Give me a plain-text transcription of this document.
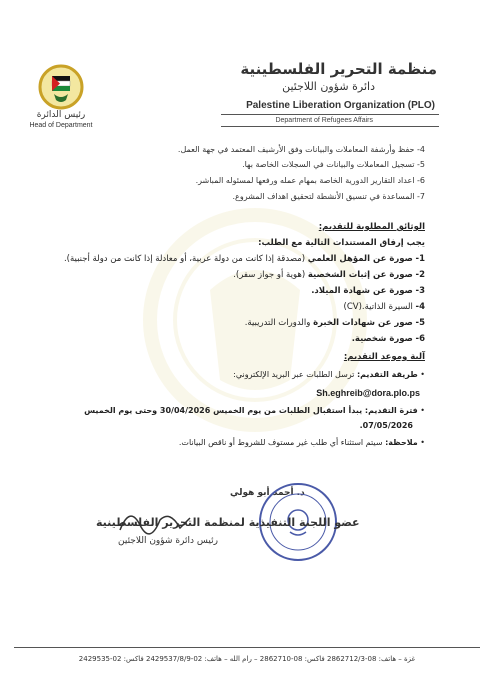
رئيس الدائرة
Head of Department
منظمة التحرير الفلسطينية
دائرة شؤون اللاجئين
Palestine Liberation Organization (PLO)
Department of Refugees Affairs
4- حفظ وأرشفة المعاملات والبيانات وفق الأرشيف المعتمد في جهة العمل.
5- تسجيل المعاملات والبيانات في السجلات الخاصة بها.
6- اعداد التقارير الدورية الخاصة بمهام عمله ورفعها لمسئوله المباشر.
7- المساعدة في تنسيق الأنشطة لتحقيق اهداف المشروع.
الوثائق المطلوبة للتقديم:
يجب إرفاق المستندات التالية مع الطلب:
1- صورة عن المؤهل العلمي (مصدقة إذا كانت من دولة عربية، أو معادلة إذا كانت من دولة أجنبية).
2- صورة عن إثبات الشخصية (هوية أو جواز سفر).
3- صورة عن شهادة الميلاد.
4- السيرة الذاتية.(CV)
5- صور عن شهادات الخبرة والدورات التدريبية.
6- صورة شخصية.
آلية وموعد التقديم:
• طريقة التقديم: ترسل الطلبات عبر البريد الإلكتروني:
Sh.eghreib@dora.plo.ps
• فترة التقديم: يبدأ استقبال الطلبات من يوم الخميس 30/04/2026 وحتى يوم الخميس
07/05/2026.
• ملاحظة: سيتم استثناء أي طلب غير مستوف للشروط أو ناقص البيانات.
د. أحمد أبو هولي
عضو اللجنة التنفيذية لمنظمة التحرير الفلسطينية
رئيس دائرة شؤون اللاجئين
غزة – هاتف: 08-2862712/3 فاكس: 08-2862710 – رام الله – هاتف: 02-2429537/8/9 فاكس: 02-2429535
